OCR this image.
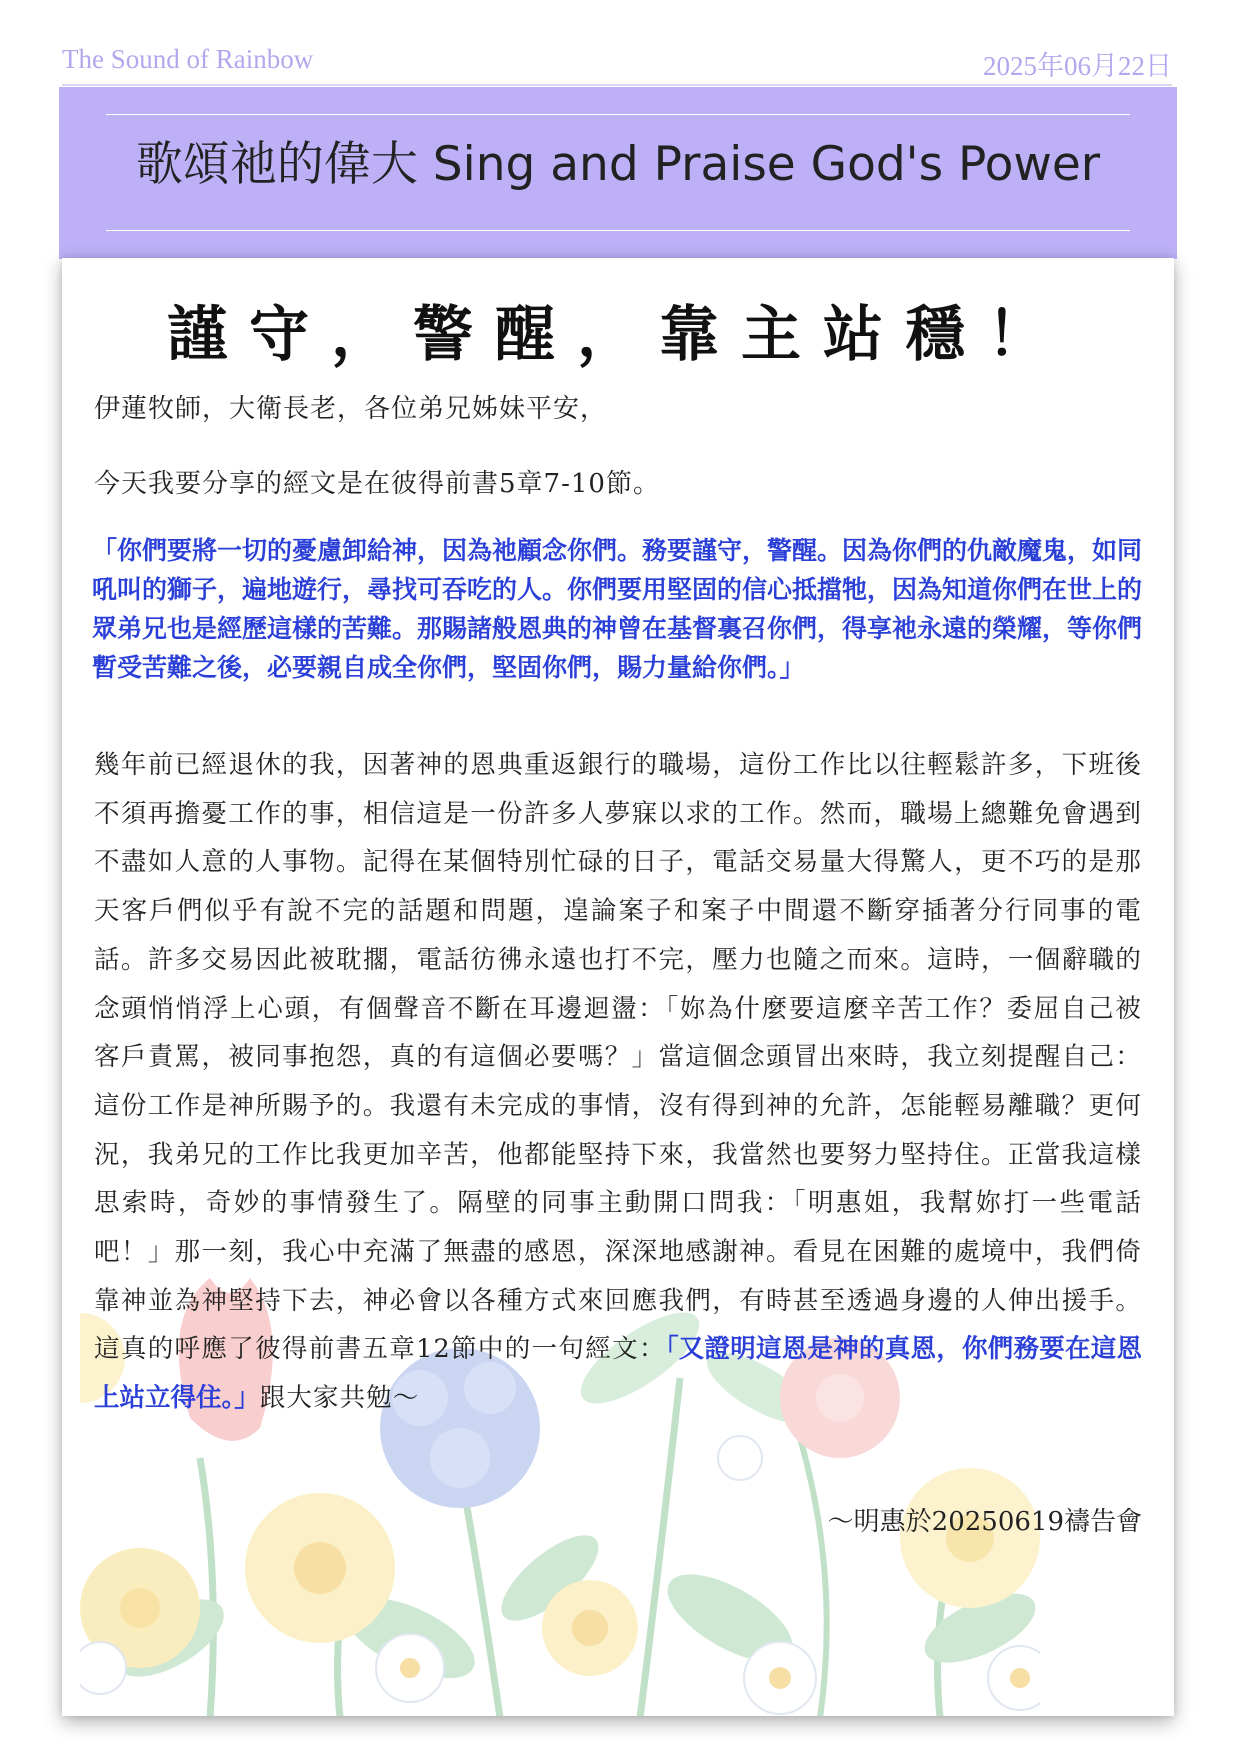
The Sound of Rainbow	2025年06月22日
歌頌祂的偉大 Sing and Praise God's Power
謹守，警醒，靠主站穩！
伊蓮牧師，大衛長老，各位弟兄姊妹平安，
今天我要分享的經文是在彼得前書5章7-10節。
「你們要將一切的憂慮卸給神，因為祂顧念你們。務要謹守，警醒。因為你們的仇敵魔鬼，如同吼叫的獅子，遍地遊行，尋找可吞吃的人。你們要用堅固的信心抵擋牠，因為知道你們在世上的眾弟兄也是經歷這樣的苦難。那賜諸般恩典的神曾在基督裏召你們，得享祂永遠的榮耀，等你們暫受苦難之後，必要親自成全你們，堅固你們，賜力量給你們。」
幾年前已經退休的我，因著神的恩典重返銀行的職場，這份工作比以往輕鬆許多，下班後不須再擔憂工作的事，相信這是一份許多人夢寐以求的工作。然而，職場上總難免會遇到不盡如人意的人事物。記得在某個特別忙碌的日子，電話交易量大得驚人，更不巧的是那天客戶們似乎有說不完的話題和問題，遑論案子和案子中間還不斷穿插著分行同事的電話。許多交易因此被耽擱，電話彷彿永遠也打不完，壓力也隨之而來。這時，一個辭職的念頭悄悄浮上心頭，有個聲音不斷在耳邊迴盪：「妳為什麼要這麼辛苦工作？委屈自己被客戶責罵，被同事抱怨，真的有這個必要嗎？」當這個念頭冒出來時，我立刻提醒自己：這份工作是神所賜予的。我還有未完成的事情，沒有得到神的允許，怎能輕易離職？更何況，我弟兄的工作比我更加辛苦，他都能堅持下來，我當然也要努力堅持住。正當我這樣思索時，奇妙的事情發生了。隔壁的同事主動開口問我：「明惠姐，我幫妳打一些電話吧！」那一刻，我心中充滿了無盡的感恩，深深地感謝神。看見在困難的處境中，我們倚靠神並為神堅持下去，神必會以各種方式來回應我們，有時甚至透過身邊的人伸出援手。這真的呼應了彼得前書五章12節中的一句經文：「又證明這恩是神的真恩，你們務要在這恩上站立得住。」跟大家共勉～
～明惠於20250619禱告會
